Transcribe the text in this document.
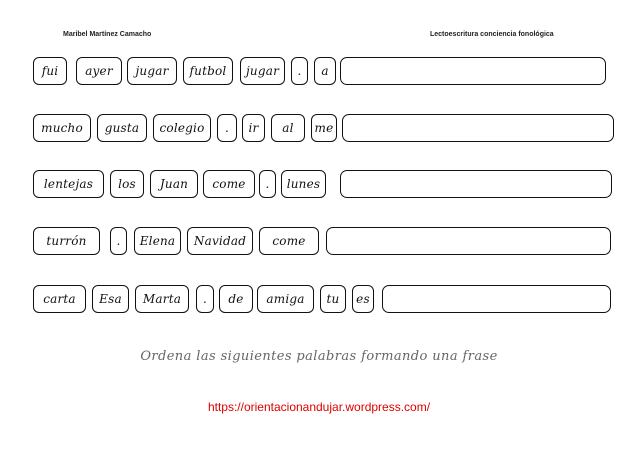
Maribel Martínez Camacho	Lectoescritura conciencia fonológica
fui	ayer	jugar	futbol	jugar	.	a
mucho	gusta	colegio	.	ir	al	me
lentejas	los	Juan	come	.	lunes
turrón	.	Elena	Navidad	come
carta	Esa	Marta	.	de	amiga	tu	es
Ordena las siguientes palabras formando una frase
https://orientacionandujar.wordpress.com/
